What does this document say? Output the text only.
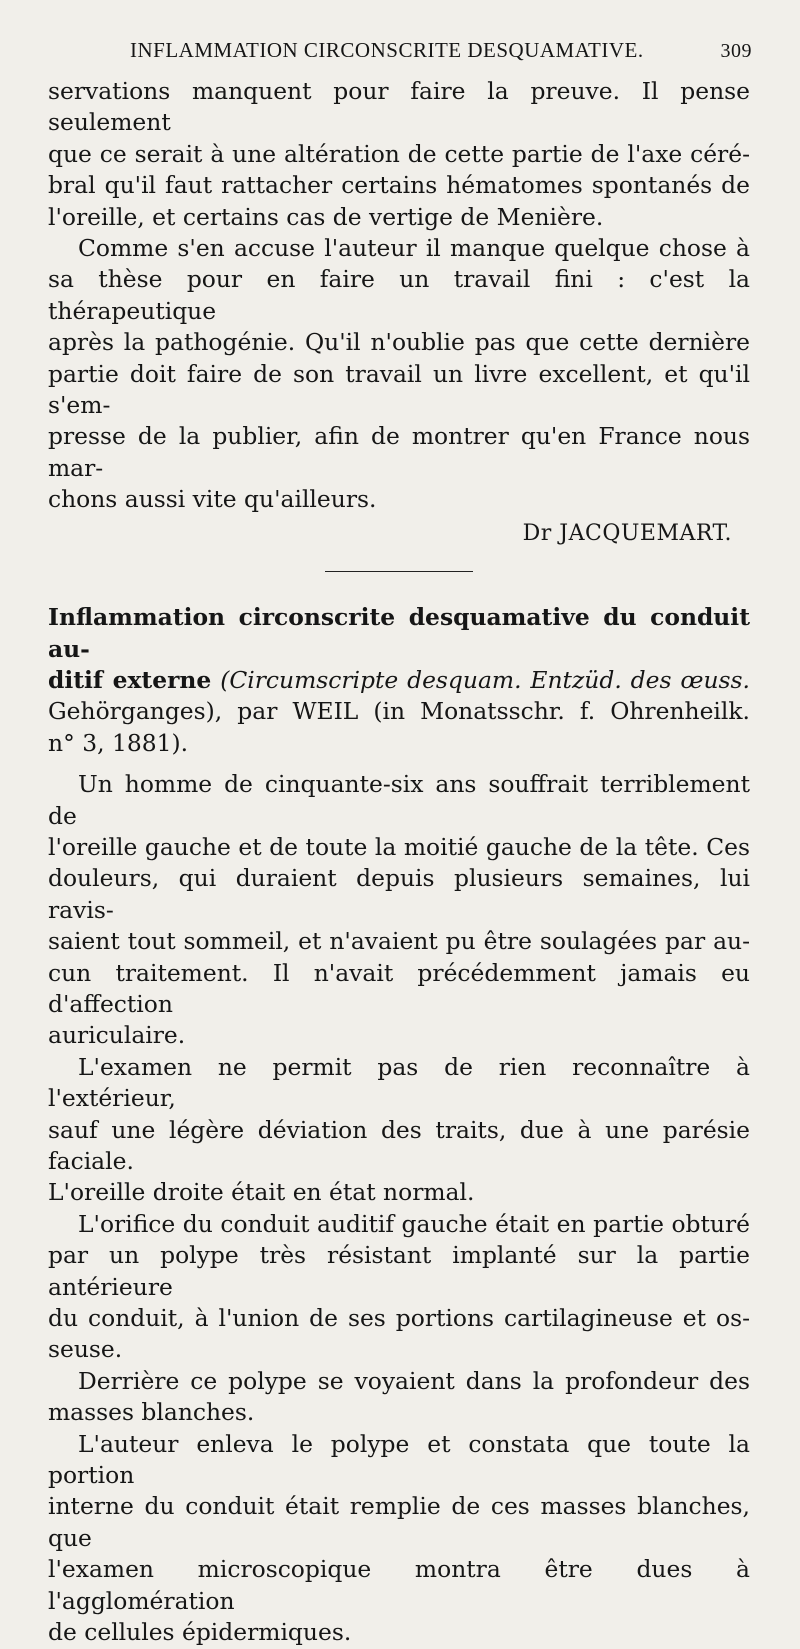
INFLAMMATION CIRCONSCRITE DESQUAMATIVE.	309

servations manquent pour faire la preuve. Il pense seulement
que ce serait à une altération de cette partie de l'axe céré-
bral qu'il faut rattacher certains hématomes spontanés de
l'oreille, et certains cas de vertige de Menière.

Comme s'en accuse l'auteur il manque quelque chose à
sa thèse pour en faire un travail fini : c'est la thérapeutique
après la pathogénie. Qu'il n'oublie pas que cette dernière
partie doit faire de son travail un livre excellent, et qu'il s'em-
presse de la publier, afin de montrer qu'en France nous mar-
chons aussi vite qu'ailleurs.

Dr JACQUEMART.

Inflammation circonscrite desquamative du conduit au-
ditif externe (Circumscripte desquam. Entzüd. des œuss.
Gehörganges), par WEIL (in Monatsschr. f. Ohrenheilk.
n° 3, 1881).

Un homme de cinquante-six ans souffrait terriblement de
l'oreille gauche et de toute la moitié gauche de la tête. Ces
douleurs, qui duraient depuis plusieurs semaines, lui ravis-
saient tout sommeil, et n'avaient pu être soulagées par au-
cun traitement. Il n'avait précédemment jamais eu d'affection
auriculaire.

L'examen ne permit pas de rien reconnaître à l'extérieur,
sauf une légère déviation des traits, due à une parésie faciale.
L'oreille droite était en état normal.

L'orifice du conduit auditif gauche était en partie obturé
par un polype très résistant implanté sur la partie antérieure
du conduit, à l'union de ses portions cartilagineuse et os-
seuse.

Derrière ce polype se voyaient dans la profondeur des
masses blanches.

L'auteur enleva le polype et constata que toute la portion
interne du conduit était remplie de ces masses blanches, que
l'examen microscopique montra être dues à l'agglomération
de cellules épidermiques.
